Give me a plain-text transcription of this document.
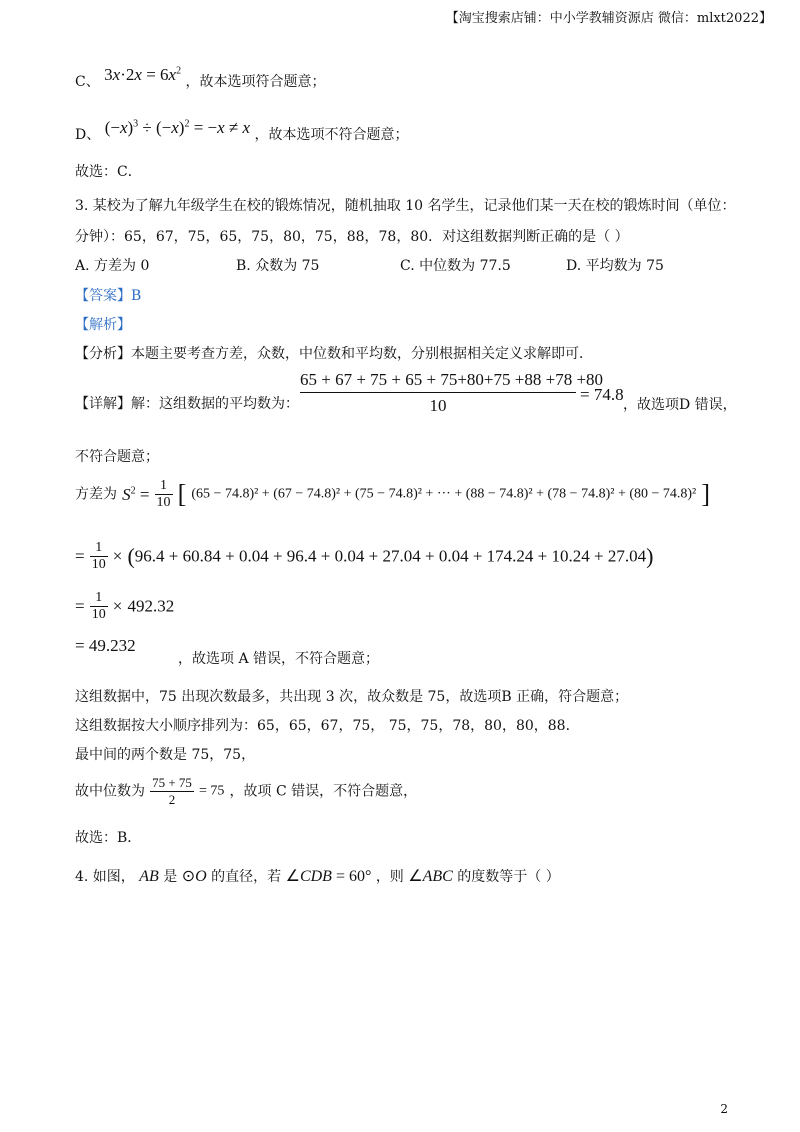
【淘宝搜索店铺：中小学教辅资源店 微信：mlxt2022】
C、 $3x\cdot 2x = 6x^2$ ，故本选项符合题意；
D、 $(-x)^3 \div (-x)^2 = -x \ne x$ ，故本选项不符合题意；
故选：C．
3. 某校为了解九年级学生在校的锻炼情况，随机抽取 10 名学生，记录他们某一天在校的锻炼时间（单位：
分钟）：65，67，75，65，75，80，75，88，78，80．对这组数据判断正确的是（ ）
A. 方差为 0	B. 众数为 75	C. 中位数为 77.5	D. 平均数为 75
【答案】B
【解析】
【分析】本题主要考查方差，众数，中位数和平均数，分别根据相关定义求解即可．
【详解】解：这组数据的平均数为： $\frac{65 + 67 + 75 + 65 + 75+80+75 +88 +78 +80}{10} = 74.8$
，故选项D 错误，
不符合题意；
方差为 $S^2 = \frac{1}{10}$ [ (65 − 74.8)² + (67 − 74.8)² + (75 − 74.8)² + ··· + (88 − 74.8)² + (78 − 74.8)² + (80 − 74.8)² ]
= $\frac{1}{10} \times (96.4 + 60.84 + 0.04 + 96.4 + 0.04 + 27.04 + 0.04 + 174.24 + 10.24 + 27.04)$
= $\frac{1}{10} \times 492.32$
= 49.232
，故选项 A 错误，不符合题意；
这组数据中，75 出现次数最多，共出现 3 次，故众数是 75，故选项B 正确，符合题意；
这组数据按大小顺序排列为：65，65，67，75， 75，75，78，80，80，88．
最中间的两个数是 75，75，
故中位数为 $\frac{75 + 75}{2} = 75$ ，故项 C 错误，不符合题意，
故选：B．
4. 如图， AB 是 ⊙O 的直径，若 ∠CDB = 60° ，则 ∠ABC 的度数等于（ ）
2
